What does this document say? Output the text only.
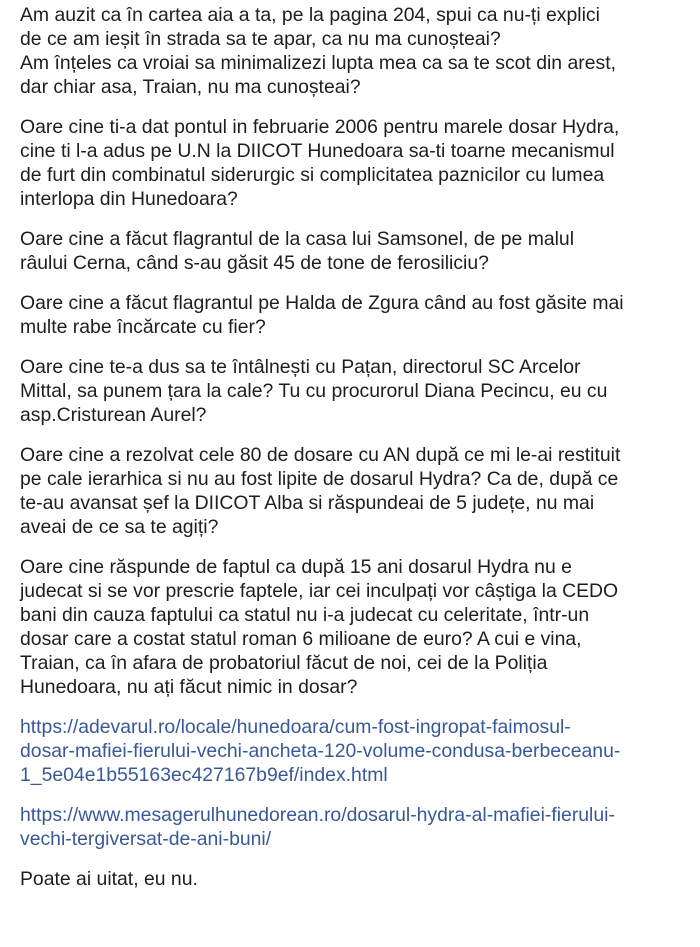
Am auzit ca în cartea aia a ta, pe la pagina 204, spui ca nu-ți explici
de ce am ieșit în strada sa te apar, ca nu ma cunoșteai?
Am înțeles ca vroiai sa minimalizezi lupta mea ca sa te scot din arest,
dar chiar asa, Traian, nu ma cunoșteai?
Oare cine ti-a dat pontul in februarie 2006 pentru marele dosar Hydra,
cine ti l-a adus pe U.N la DIICOT Hunedoara sa-ti toarne mecanismul
de furt din combinatul siderurgic si complicitatea paznicilor cu lumea
interlopa din Hunedoara?
Oare cine a făcut flagrantul de la casa lui Samsonel, de pe malul
râului Cerna, când s-au găsit 45 de tone de ferosiliciu?
Oare cine a făcut flagrantul pe Halda de Zgura când au fost găsite mai
multe rabe încărcate cu fier?
Oare cine te-a dus sa te întâlnești cu Pațan, directorul SC Arcelor
Mittal, sa punem țara la cale? Tu cu procurorul Diana Pecincu, eu cu
asp.Cristurean Aurel?
Oare cine a rezolvat cele 80 de dosare cu AN după ce mi le-ai restituit
pe cale ierarhica si nu au fost lipite de dosarul Hydra? Ca de, după ce
te-au avansat șef la DIICOT Alba si răspundeai de 5 județe, nu mai
aveai de ce sa te agiți?
Oare cine răspunde de faptul ca după 15 ani dosarul Hydra nu e
judecat si se vor prescrie faptele, iar cei inculpați vor câștiga la CEDO
bani din cauza faptului ca statul nu i-a judecat cu celeritate, într-un
dosar care a costat statul roman 6 milioane de euro? A cui e vina,
Traian, ca în afara de probatoriul făcut de noi, cei de la Poliția
Hunedoara, nu ați făcut nimic in dosar?
https://adevarul.ro/locale/hunedoara/cum-fost-ingropat-faimosul-
dosar-mafiei-fierului-vechi-ancheta-120-volume-condusa-berbeceanu-
1_5e04e1b55163ec427167b9ef/index.html
https://www.mesagerulhunedorean.ro/dosarul-hydra-al-mafiei-fierului-
vechi-tergiversat-de-ani-buni/
Poate ai uitat, eu nu.
